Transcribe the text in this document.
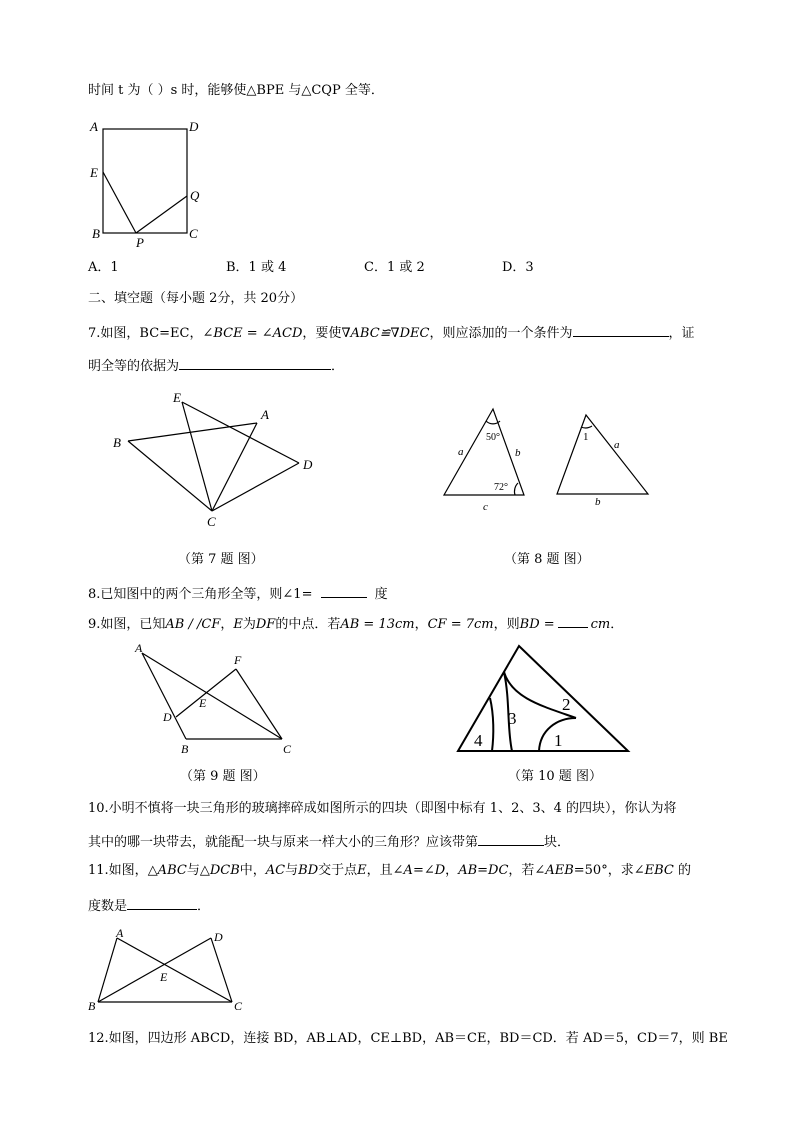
时间 t 为（ ）s 时，能够使△BPE 与△CQP 全等．
A	D
E
Q
B
P
C
A．1	B．1 或 4	C．1 或 2	D．3
二、填空题（每小题 2分，共 20分）
7.如图，BC=EC，∠BCE = ∠ACD，要使∇ABC≌∇DEC，则应添加的一个条件为	，证
明全等的依据为	．
E
A
B
D
C
（第 7 题 图）
a	b
c
50°
72°
1
a
b
（第 8 题 图）
8.已知图中的两个三角形全等，则∠1=	度
9.如图，已知AB / /CF，E为DF的中点．若AB = 13cm，CF = 7cm，则BD =	cm．
A
F
E
D
B	C
（第 9 题 图）
2
3
4	1
（第 10 题 图）
10.小明不慎将一块三角形的玻璃摔碎成如图所示的四块（即图中标有 1、2、3、4 的四块），你认为将
其中的哪一块带去，就能配一块与原来一样大小的三角形？应该带第	块．
11.如图，△ABC与△DCB中，AC与BD交于点E，且∠A=∠D，AB=DC，若∠AEB=50°，求∠EBC 的
度数是	．
A	D
E
B	C
12.如图，四边形 ABCD，连接 BD，AB⊥AD，CE⊥BD，AB＝CE，BD＝CD．若 AD＝5，CD＝7，则 BE
